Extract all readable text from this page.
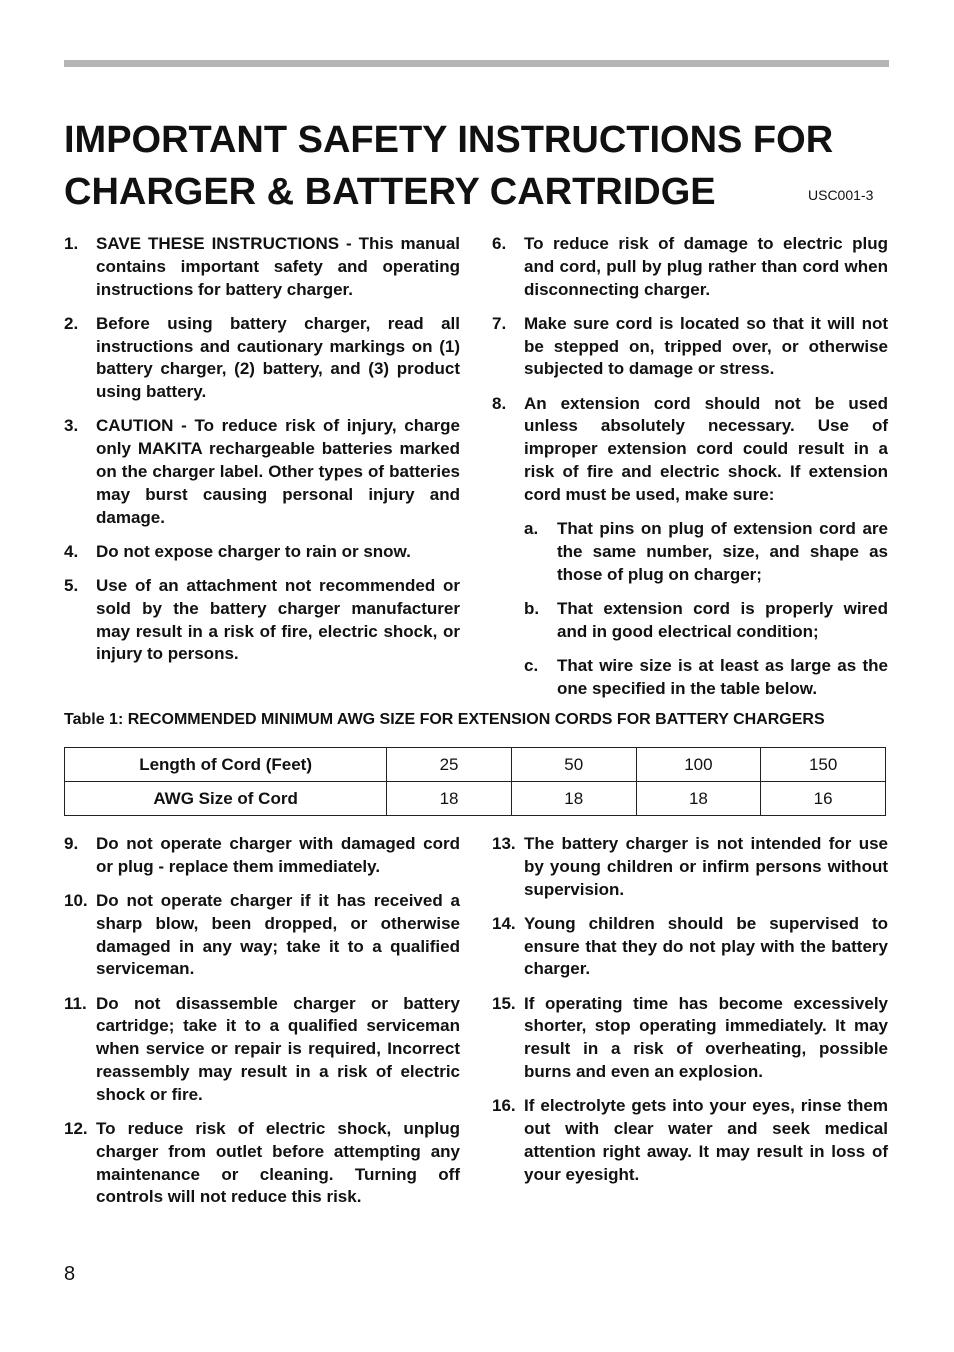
IMPORTANT SAFETY INSTRUCTIONS FOR
CHARGER & BATTERY CARTRIDGE	USC001-3
1.	SAVE THESE INSTRUCTIONS - This manual contains important safety and operating instructions for battery charger.
2.	Before using battery charger, read all instructions and cautionary markings on (1) battery charger, (2) battery, and (3) product using battery.
3.	CAUTION - To reduce risk of injury, charge only MAKITA rechargeable batteries marked on the charger label. Other types of batteries may burst causing personal injury and damage.
4.	Do not expose charger to rain or snow.
5.	Use of an attachment not recommended or sold by the battery charger manufacturer may result in a risk of fire, electric shock, or injury to persons.
6.	To reduce risk of damage to electric plug and cord, pull by plug rather than cord when disconnecting charger.
7.	Make sure cord is located so that it will not be stepped on, tripped over, or otherwise subjected to damage or stress.
8.	An extension cord should not be used unless absolutely necessary. Use of improper extension cord could result in a risk of fire and electric shock. If extension cord must be used, make sure:
a.	That pins on plug of extension cord are the same number, size, and shape as those of plug on charger;
b.	That extension cord is properly wired and in good electrical condition;
c.	That wire size is at least as large as the one specified in the table below.
Table 1: RECOMMENDED MINIMUM AWG SIZE FOR EXTENSION CORDS FOR BATTERY CHARGERS
Length of Cord (Feet)	25	50	100	150
AWG Size of Cord	18	18	18	16
9.	Do not operate charger with damaged cord or plug - replace them immediately.
10. Do not operate charger if it has received a sharp blow, been dropped, or otherwise damaged in any way; take it to a qualified serviceman.
11. Do not disassemble charger or battery cartridge; take it to a qualified serviceman when service or repair is required, Incorrect reassembly may result in a risk of electric shock or fire.
12. To reduce risk of electric shock, unplug charger from outlet before attempting any maintenance or cleaning. Turning off controls will not reduce this risk.
13. The battery charger is not intended for use by young children or infirm persons without supervision.
14. Young children should be supervised to ensure that they do not play with the battery charger.
15. If operating time has become excessively shorter, stop operating immediately. It may result in a risk of overheating, possible burns and even an explosion.
16. If electrolyte gets into your eyes, rinse them out with clear water and seek medical attention right away. It may result in loss of your eyesight.
8
